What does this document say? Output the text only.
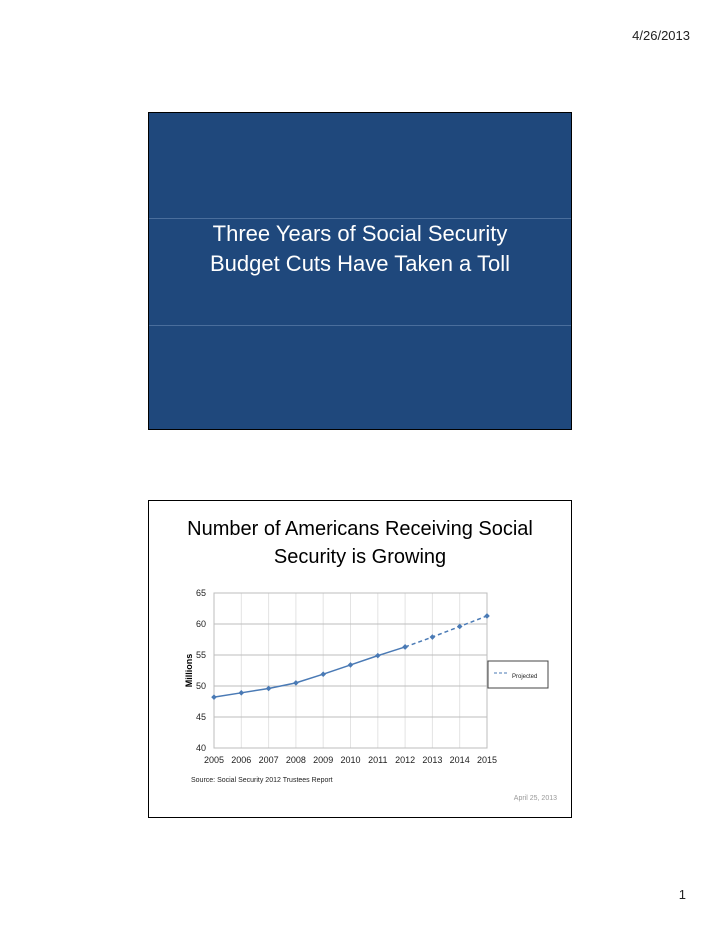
4/26/2013
Three Years of Social Security
Budget Cuts Have Taken a Toll
Number of Americans Receiving Social
Security is Growing
40
45
50
55
60
65
2005 2006 2007 2008 2009 2010 2011 2012 2013 2014 2015
Millions	Projected
Source: Social Security 2012 Trustees Report
April 25, 2013
1
